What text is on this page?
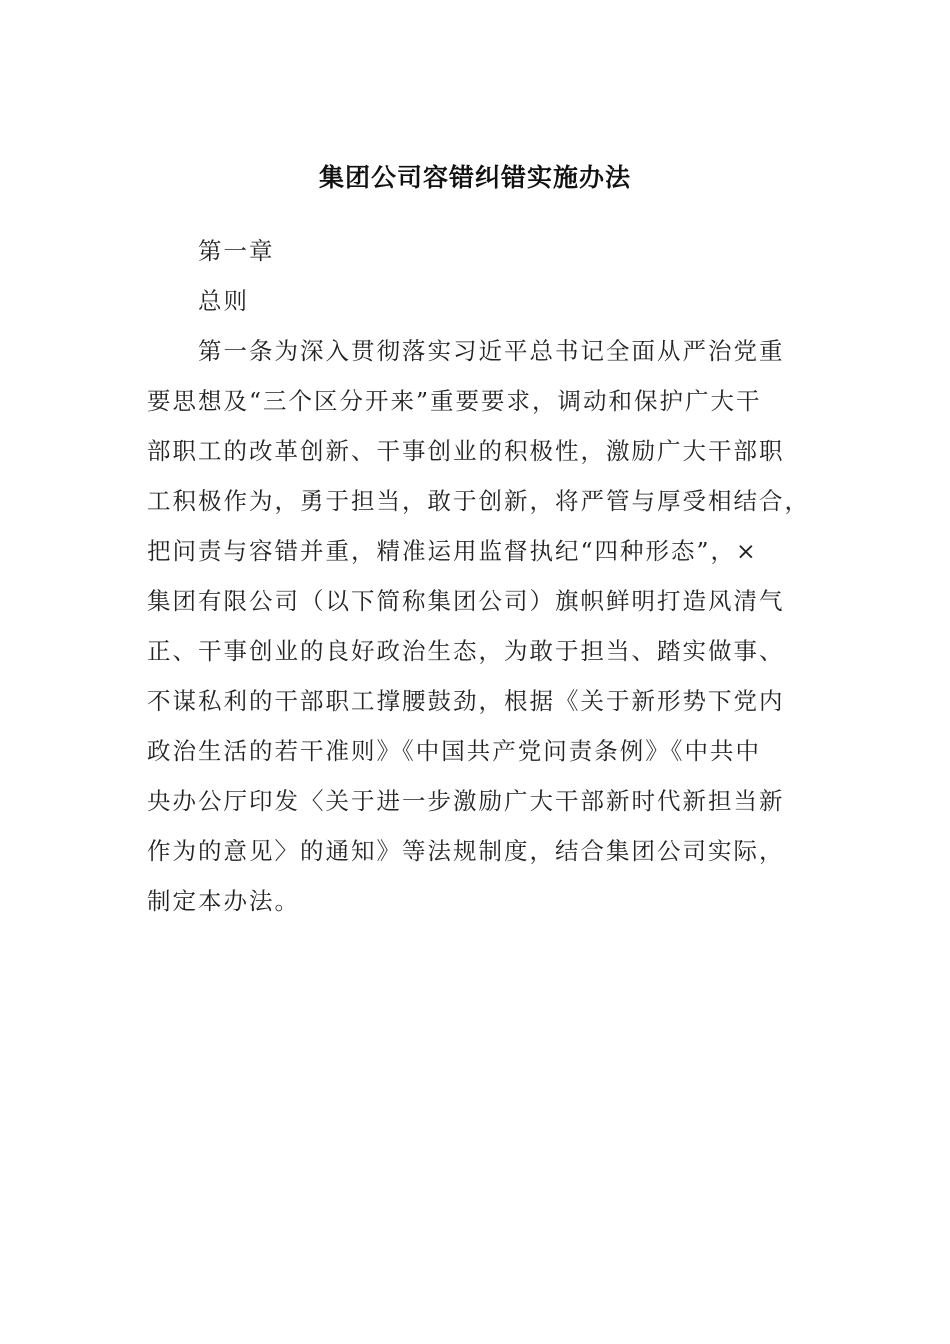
集团公司容错纠错实施办法
第一章
总则
第一条为深入贯彻落实习近平总书记全面从严治党重
要思想及“三个区分开来”重要要求，调动和保护广大干
部职工的改革创新、干事创业的积极性，激励广大干部职
工积极作为，勇于担当，敢于创新，将严管与厚受相结合，
把问责与容错并重，精准运用监督执纪“四种形态”，×
集团有限公司（以下简称集团公司）旗帜鲜明打造风清气
正、干事创业的良好政治生态，为敢于担当、踏实做事、
不谋私利的干部职工撑腰鼓劲，根据《关于新形势下党内
政治生活的若干准则》《中国共产党问责条例》《中共中
央办公厅印发〈关于进一步激励广大干部新时代新担当新
作为的意见〉的通知》等法规制度，结合集团公司实际，
制定本办法。
